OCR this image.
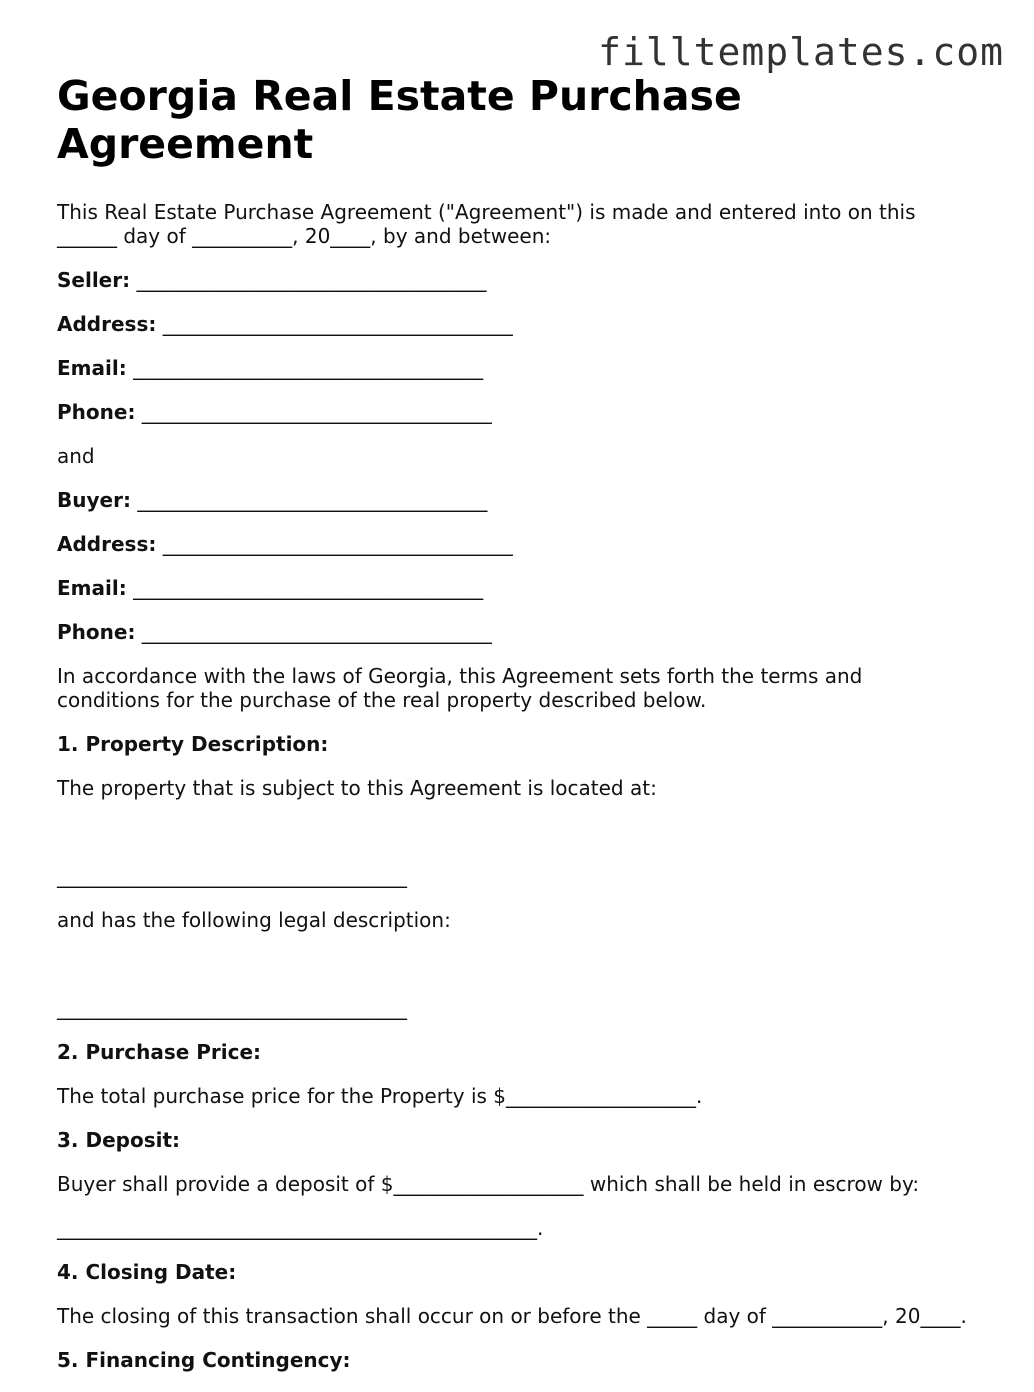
filltemplates.com
Georgia Real Estate Purchase Agreement

This Real Estate Purchase Agreement ("Agreement") is made and entered into on this

______ day of __________, 20____, by and between:

Seller: ___________________________________

Address: ___________________________________

Email: ___________________________________

Phone: ___________________________________

and

Buyer: ___________________________________

Address: ___________________________________

Email: ___________________________________

Phone: ___________________________________

In accordance with the laws of Georgia, this Agreement sets forth the terms and

conditions for the purchase of the real property described below.

1. Property Description:

The property that is subject to this Agreement is located at:

___________________________________

and has the following legal description:

___________________________________

2. Purchase Price:

The total purchase price for the Property is $___________________.

3. Deposit:

Buyer shall provide a deposit of $___________________ which shall be held in escrow by:

________________________________________________.

4. Closing Date:

The closing of this transaction shall occur on or before the _____ day of ___________, 20____.

5. Financing Contingency:
